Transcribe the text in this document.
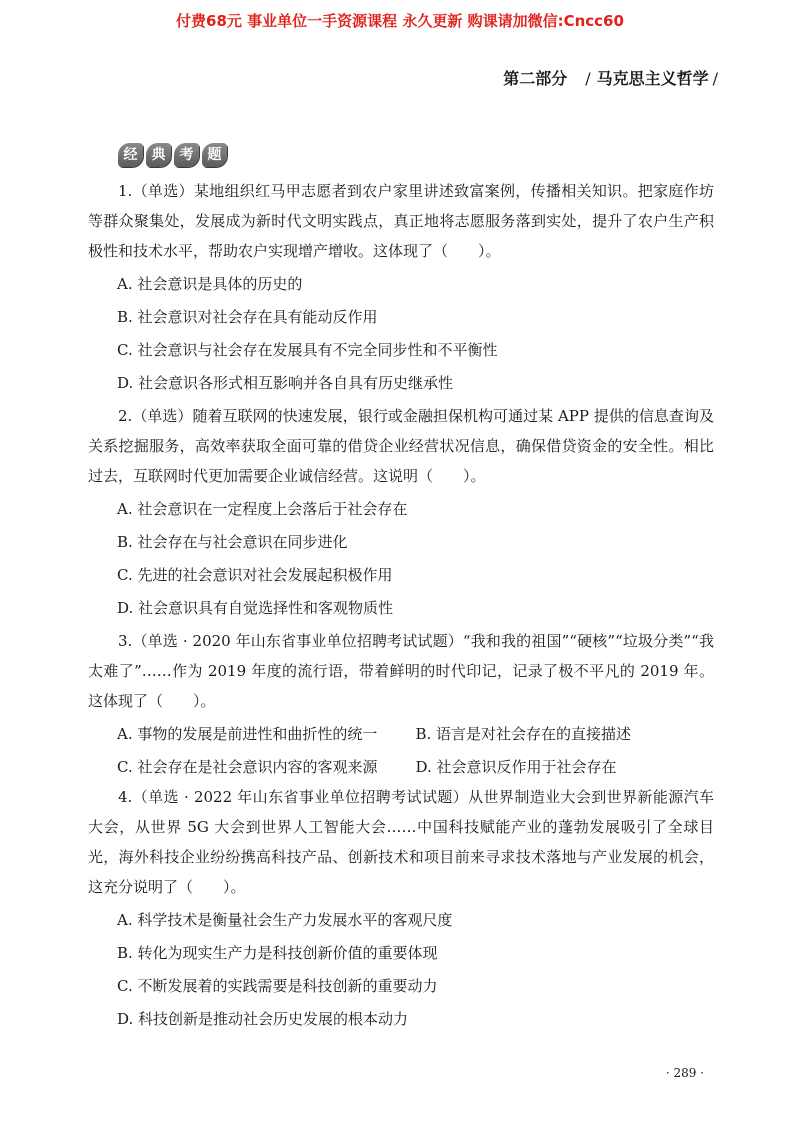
付费68元 事业单位一手资源课程 永久更新 购课请加微信:Cncc60
第二部分 / 马克思主义哲学 /
经	典	考	题

1.（单选）某地组织红马甲志愿者到农户家里讲述致富案例，传播相关知识。把家庭作坊等群众聚集处，发展成为新时代文明实践点，真正地将志愿服务落到实处，提升了农户生产积极性和技术水平，帮助农户实现增产增收。这体现了（　　）。

A. 社会意识是具体的历史的

B. 社会意识对社会存在具有能动反作用

C. 社会意识与社会存在发展具有不完全同步性和不平衡性

D. 社会意识各形式相互影响并各自具有历史继承性

2.（单选）随着互联网的快速发展，银行或金融担保机构可通过某 APP 提供的信息查询及关系挖掘服务，高效率获取全面可靠的借贷企业经营状况信息，确保借贷资金的安全性。相比过去，互联网时代更加需要企业诚信经营。这说明（　　）。

A. 社会意识在一定程度上会落后于社会存在

B. 社会存在与社会意识在同步进化

C. 先进的社会意识对社会发展起积极作用

D. 社会意识具有自觉选择性和客观物质性

3.（单选 · 2020 年山东省事业单位招聘考试试题）“我和我的祖国”“硬核”“垃圾分类”“我太难了”……作为 2019 年度的流行语，带着鲜明的时代印记，记录了极不平凡的 2019 年。这体现了（　　）。

A. 事物的发展是前进性和曲折性的统一	B. 语言是对社会存在的直接描述
C. 社会存在是社会意识内容的客观来源	D. 社会意识反作用于社会存在

4.（单选 · 2022 年山东省事业单位招聘考试试题）从世界制造业大会到世界新能源汽车大会，从世界 5G 大会到世界人工智能大会……中国科技赋能产业的蓬勃发展吸引了全球目光，海外科技企业纷纷携高科技产品、创新技术和项目前来寻求技术落地与产业发展的机会，这充分说明了（　　）。

A. 科学技术是衡量社会生产力发展水平的客观尺度

B. 转化为现实生产力是科技创新价值的重要体现

C. 不断发展着的实践需要是科技创新的重要动力

D. 科技创新是推动社会历史发展的根本动力

· 289 ·
